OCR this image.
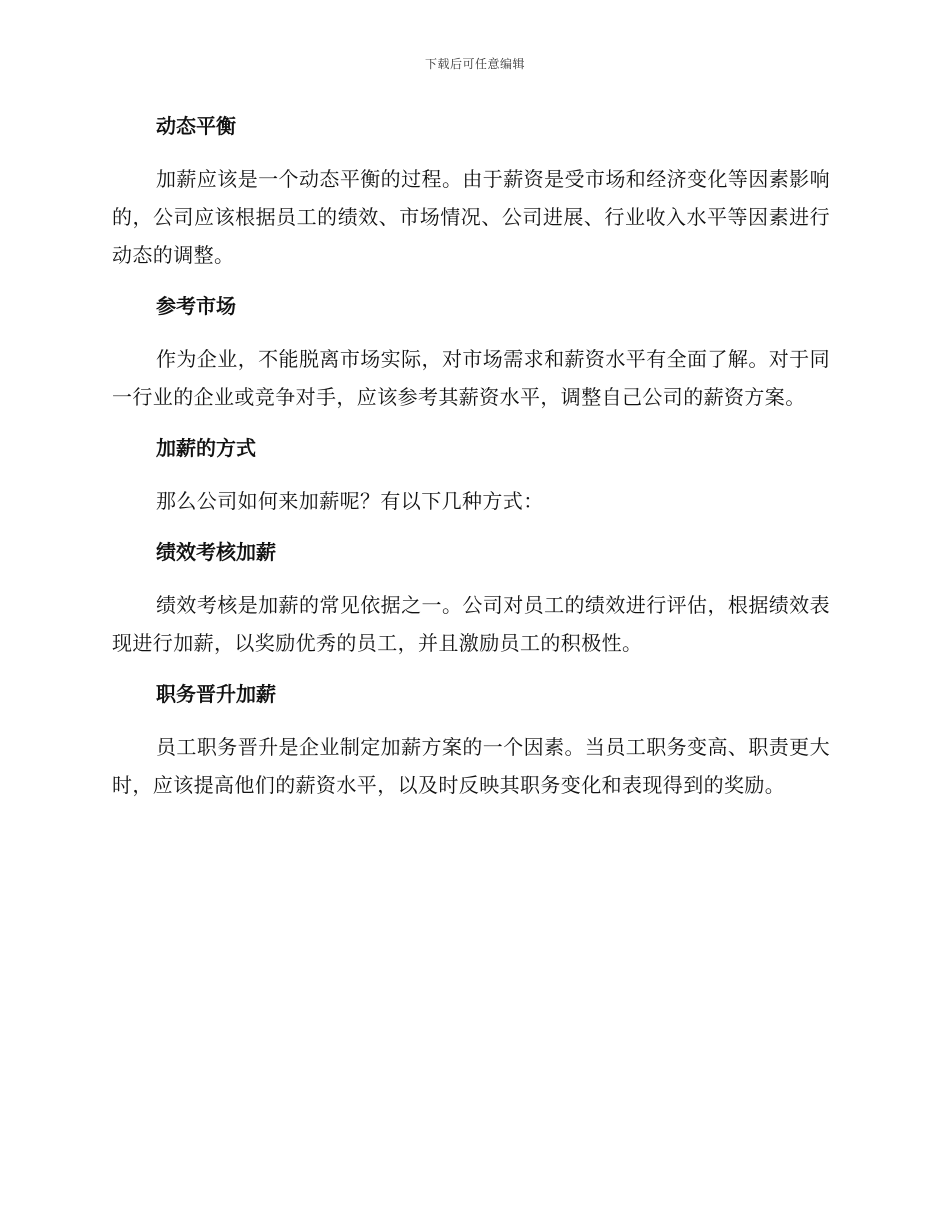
下载后可任意编辑
动态平衡

加薪应该是一个动态平衡的过程。由于薪资是受市场和经济变化等因素影响的，公司应该根据员工的绩效、市场情况、公司进展、行业收入水平等因素进行动态的调整。

参考市场

作为企业，不能脱离市场实际，对市场需求和薪资水平有全面了解。对于同一行业的企业或竞争对手，应该参考其薪资水平，调整自己公司的薪资方案。

加薪的方式

那么公司如何来加薪呢？有以下几种方式：

绩效考核加薪

绩效考核是加薪的常见依据之一。公司对员工的绩效进行评估，根据绩效表现进行加薪，以奖励优秀的员工，并且激励员工的积极性。

职务晋升加薪

员工职务晋升是企业制定加薪方案的一个因素。当员工职务变高、职责更大时，应该提高他们的薪资水平，以及时反映其职务变化和表现得到的奖励。
